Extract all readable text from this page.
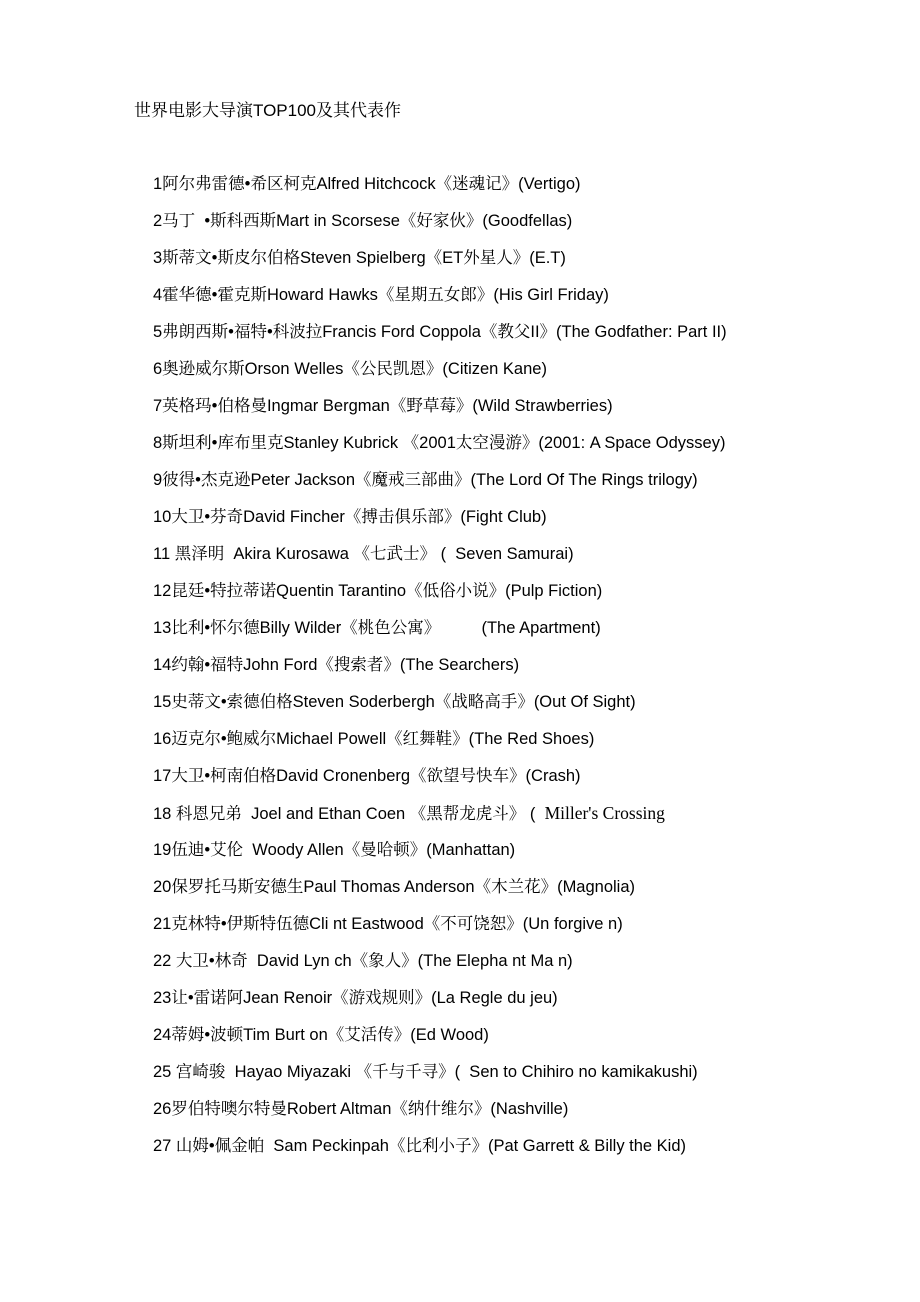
世界电影大导演TOP100及其代表作
1阿尔弗雷德•希区柯克Alfred Hitchcock《迷魂记》(Vertigo)
2马丁  •斯科西斯Mart in Scorsese《好家伙》(Goodfellas)
3斯蒂文•斯皮尔伯格Steven Spielberg《ET外星人》(E.T)
4霍华德•霍克斯Howard Hawks《星期五女郎》(His Girl Friday)
5弗朗西斯•福特•科波拉Francis Ford Coppola《教父II》(The Godfather: Part II)
6奥逊威尔斯Orson Welles《公民凯恩》(Citizen Kane)
7英格玛•伯格曼Ingmar Bergman《野草莓》(Wild Strawberries)
8斯坦利•库布里克Stanley Kubrick 《2001太空漫游》(2001: A Space Odyssey)
9彼得•杰克逊Peter Jackson《魔戒三部曲》(The Lord Of The Rings trilogy)
10大卫•芬奇David Fincher《搏击俱乐部》(Fight Club)
11 黑泽明  Akira Kurosawa 《七武士》 (  Seven Samurai)
12昆廷•特拉蒂诺Quentin Tarantino《低俗小说》(Pulp Fiction)
13比利•怀尔德Billy Wilder《桃色公寓》         (The Apartment)
14约翰•福特John Ford《搜索者》(The Searchers)
15史蒂文•索德伯格Steven Soderbergh《战略高手》(Out Of Sight)
16迈克尔•鲍威尔Michael Powell《红舞鞋》(The Red Shoes)
17大卫•柯南伯格David Cronenberg《欲望号快车》(Crash)
18 科恩兄弟  Joel and Ethan Coen 《黑帮龙虎斗》 (  Miller's Crossing
19伍迪•艾伦  Woody Allen《曼哈顿》(Manhattan)
20保罗托马斯安德生Paul Thomas Anderson《木兰花》(Magnolia)
21克林特•伊斯特伍德Cli nt Eastwood《不可饶恕》(Un forgive n)
22 大卫•林奇  David Lyn ch《象人》(The Elepha nt Ma n)
23让•雷诺阿Jean Renoir《游戏规则》(La Regle du jeu)
24蒂姆•波顿Tim Burt on《艾活传》(Ed Wood)
25 宫崎骏  Hayao Miyazaki 《千与千寻》(  Sen to Chihiro no kamikakushi)
26罗伯特噢尔特曼Robert Altman《纳什维尔》(Nashville)
27 山姆•佩金帕  Sam Peckinpah《比利小子》(Pat Garrett & Billy the Kid)
